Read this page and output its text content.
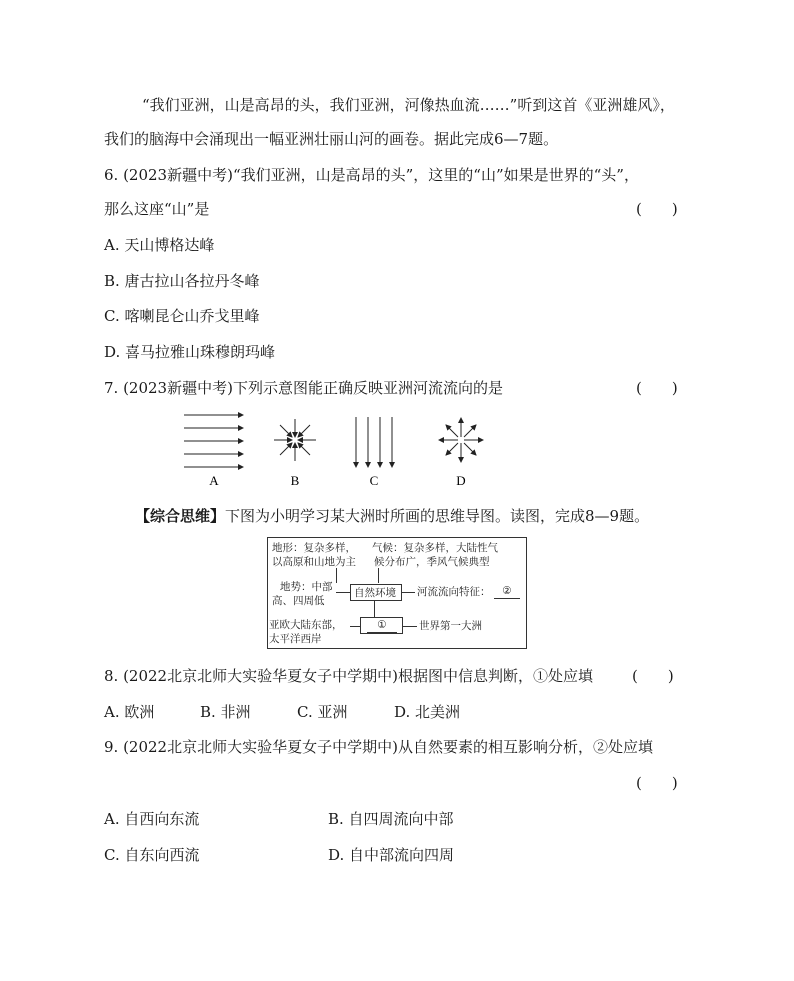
“我们亚洲，山是高昂的头，我们亚洲，河像热血流……”听到这首《亚洲雄风》，
我们的脑海中会涌现出一幅亚洲壮丽山河的画卷。据此完成6—7题。
6. (2023新疆中考)“我们亚洲，山是高昂的头”，这里的“山”如果是世界的“头”，
那么这座“山”是	(　　)
A. 天山博格达峰
B. 唐古拉山各拉丹冬峰
C. 喀喇昆仑山乔戈里峰
D. 喜马拉雅山珠穆朗玛峰
7. (2023新疆中考)下列示意图能正确反映亚洲河流流向的是	(　　)
A	B	C	D
【综合思维】下图为小明学习某大洲时所画的思维导图。读图，完成8—9题。
地形：复杂多样，
以高原和山地为主
气候：复杂多样，大陆性气
候分布广，季风气候典型
地势：中部
高、四周低
自然环境 河流流向特征：	②
亚欧大陆东部，
太平洋西岸
①	世界第一大洲
8. (2022北京北师大实验华夏女子中学期中)根据图中信息判断，①处应填	(　　)
A. 欧洲	B. 非洲	C. 亚洲	D. 北美洲
9. (2022北京北师大实验华夏女子中学期中)从自然要素的相互影响分析，②处应填
(　　)
A. 自西向东流	B. 自四周流向中部
C. 自东向西流	D. 自中部流向四周
